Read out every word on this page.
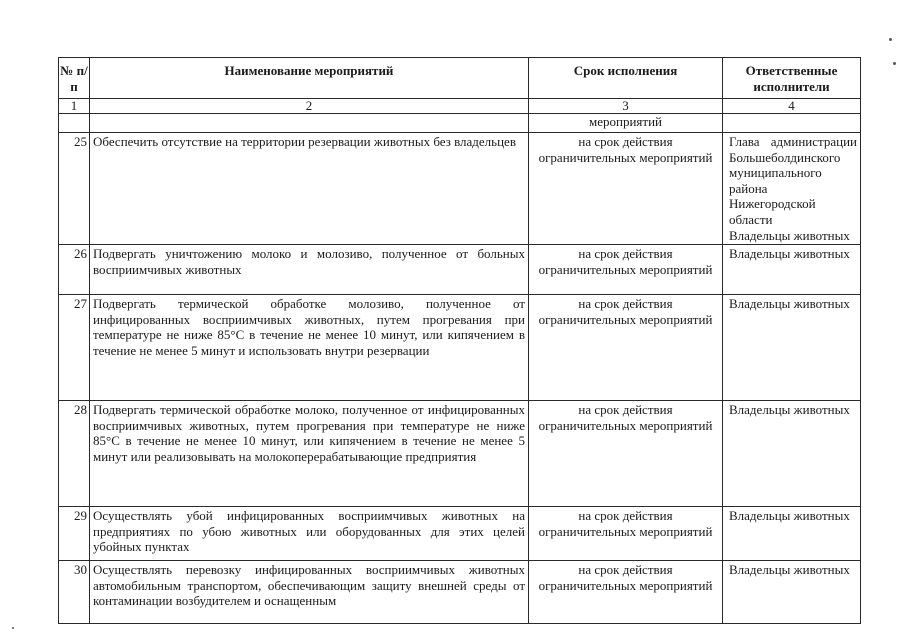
№ п/п	Наименование мероприятий	Срок исполнения	Ответственные исполнители
1	2	3	4
		мероприятий	
25	Обеспечить отсутствие на территории резервации животных без владельцев	на срок действия ограничительных мероприятий	Глава администрации
Большеболдинского
муниципального района
Нижегородской области
Владельцы животных

26	Подвергать уничтожению молоко и молозиво, полученное от больных восприимчивых животных	на срок действия ограничительных мероприятий	Владельцы животных

27	Подвергать термической обработке молозиво, полученное от инфицированных восприимчивых животных, путем прогревания при температуре не ниже 85°С в течение не менее 10 минут, или кипячением в течение не менее 5 минут и использовать внутри резервации	на срок действия ограничительных мероприятий	Владельцы животных

28	Подвергать термической обработке молоко, полученное от инфицированных восприимчивых животных, путем прогревания при температуре не ниже 85°С в течение не менее 10 минут, или кипячением в течение не менее 5 минут или реализовывать на молокоперерабатывающие предприятия	на срок действия ограничительных мероприятий	Владельцы животных

29	Осуществлять убой инфицированных восприимчивых животных на предприятиях по убою животных или оборудованных для этих целей убойных пунктах	на срок действия ограничительных мероприятий	Владельцы животных

30	Осуществлять перевозку инфицированных восприимчивых животных автомобильным транспортом, обеспечивающим защиту внешней среды от контаминации возбудителем и оснащенным	на срок действия ограничительных мероприятий	Владельцы животных
